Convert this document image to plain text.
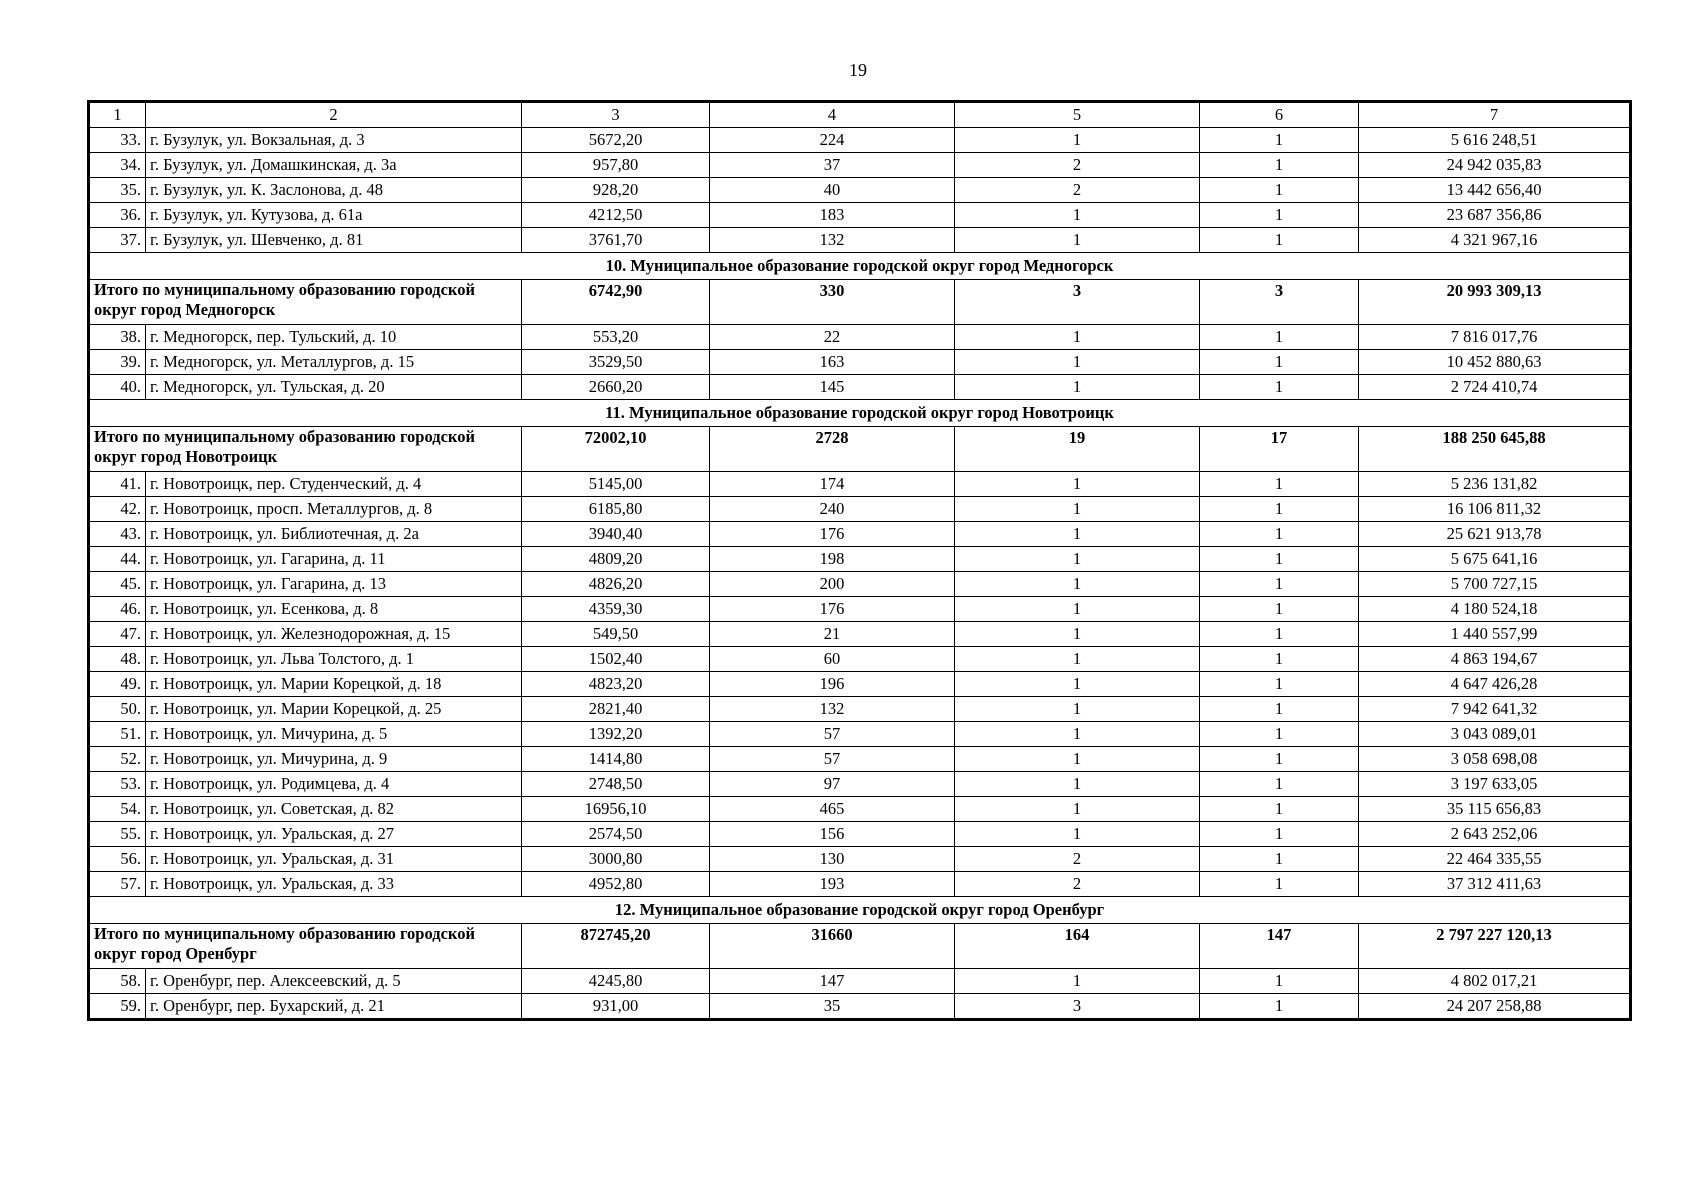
19
1	2	3	4	5	6	7
33.	г. Бузулук, ул. Вокзальная, д. 3	5672,20	224	1	1	5 616 248,51
34.	г. Бузулук, ул. Домашкинская, д. 3а	957,80	37	2	1	24 942 035,83
35.	г. Бузулук, ул. К. Заслонова, д. 48	928,20	40	2	1	13 442 656,40
36.	г. Бузулук, ул. Кутузова, д. 61а	4212,50	183	1	1	23 687 356,86
37.	г. Бузулук, ул. Шевченко, д. 81	3761,70	132	1	1	4 321 967,16
10. Муниципальное образование городской округ город Медногорск						
Итого по муниципальному образованию городской округ город Медногорск		6742,90	330	3	3	20 993 309,13
38.	г. Медногорск, пер. Тульский, д. 10	553,20	22	1	1	7 816 017,76
39.	г. Медногорск, ул. Металлургов, д. 15	3529,50	163	1	1	10 452 880,63
40.	г. Медногорск, ул. Тульская, д. 20	2660,20	145	1	1	2 724 410,74
11. Муниципальное образование городской округ город Новотроицк						
Итого по муниципальному образованию городской округ город Новотроицк		72002,10	2728	19	17	188 250 645,88
41.	г. Новотроицк, пер. Студенческий, д. 4	5145,00	174	1	1	5 236 131,82
42.	г. Новотроицк, просп. Металлургов, д. 8	6185,80	240	1	1	16 106 811,32
43.	г. Новотроицк, ул. Библиотечная, д. 2а	3940,40	176	1	1	25 621 913,78
44.	г. Новотроицк, ул. Гагарина, д. 11	4809,20	198	1	1	5 675 641,16
45.	г. Новотроицк, ул. Гагарина, д. 13	4826,20	200	1	1	5 700 727,15
46.	г. Новотроицк, ул. Есенкова, д. 8	4359,30	176	1	1	4 180 524,18
47.	г. Новотроицк, ул. Железнодорожная, д. 15	549,50	21	1	1	1 440 557,99
48.	г. Новотроицк, ул. Льва Толстого, д. 1	1502,40	60	1	1	4 863 194,67
49.	г. Новотроицк, ул. Марии Корецкой, д. 18	4823,20	196	1	1	4 647 426,28
50.	г. Новотроицк, ул. Марии Корецкой, д. 25	2821,40	132	1	1	7 942 641,32
51.	г. Новотроицк, ул. Мичурина, д. 5	1392,20	57	1	1	3 043 089,01
52.	г. Новотроицк, ул. Мичурина, д. 9	1414,80	57	1	1	3 058 698,08
53.	г. Новотроицк, ул. Родимцева, д. 4	2748,50	97	1	1	3 197 633,05
54.	г. Новотроицк, ул. Советская, д. 82	16956,10	465	1	1	35 115 656,83
55.	г. Новотроицк, ул. Уральская, д. 27	2574,50	156	1	1	2 643 252,06
56.	г. Новотроицк, ул. Уральская, д. 31	3000,80	130	2	1	22 464 335,55
57.	г. Новотроицк, ул. Уральская, д. 33	4952,80	193	2	1	37 312 411,63
12. Муниципальное образование городской округ город Оренбург						
Итого по муниципальному образованию городской округ город Оренбург		872745,20	31660	164	147	2 797 227 120,13
58.	г. Оренбург, пер. Алексеевский, д. 5	4245,80	147	1	1	4 802 017,21
59.	г. Оренбург, пер. Бухарский, д. 21	931,00	35	3	1	24 207 258,88
